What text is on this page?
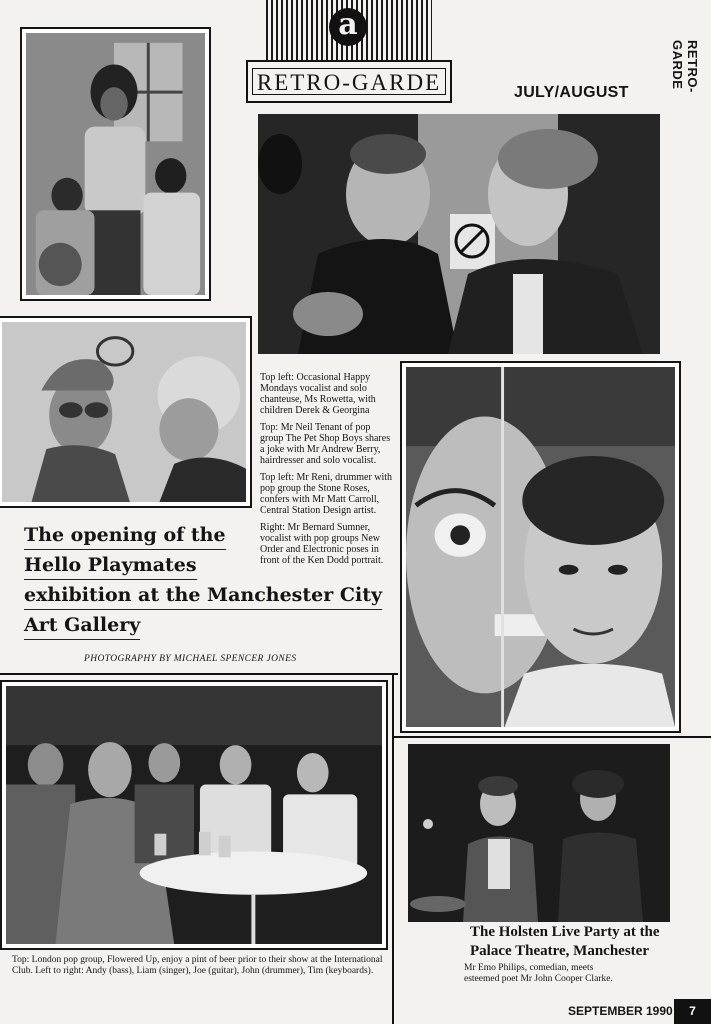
a
RETRO-GARDE	JULY/AUGUST	RETRO-GARDE

Top left: Occasional Happy Mondays vocalist and solo chanteuse, Ms Rowetta, with children Derek & Georgina

Top: Mr Neil Tenant of pop group The Pet Shop Boys shares a joke with Mr Andrew Berry, hairdresser and solo vocalist.

Top left: Mr Reni, drummer with pop group the Stone Roses, confers with Mr Matt Carroll, Central Station Design artist.

Right: Mr Bernard Sumner, vocalist with pop groups New Order and Electronic poses in front of the Ken Dodd portrait.

The opening of the
Hello Playmates
exhibition at the Manchester City
Art Gallery
PHOTOGRAPHY BY MICHAEL SPENCER JONES
Top: London pop group, Flowered Up, enjoy a pint of beer prior to their show at the International Club. Left to right: Andy (bass), Liam (singer), Joe (guitar), John (drummer), Tim (keyboards).
The Holsten Live Party at the Palace Theatre, Manchester
Mr Emo Philips, comedian, meets esteemed poet Mr John Cooper Clarke.
SEPTEMBER 1990	7
